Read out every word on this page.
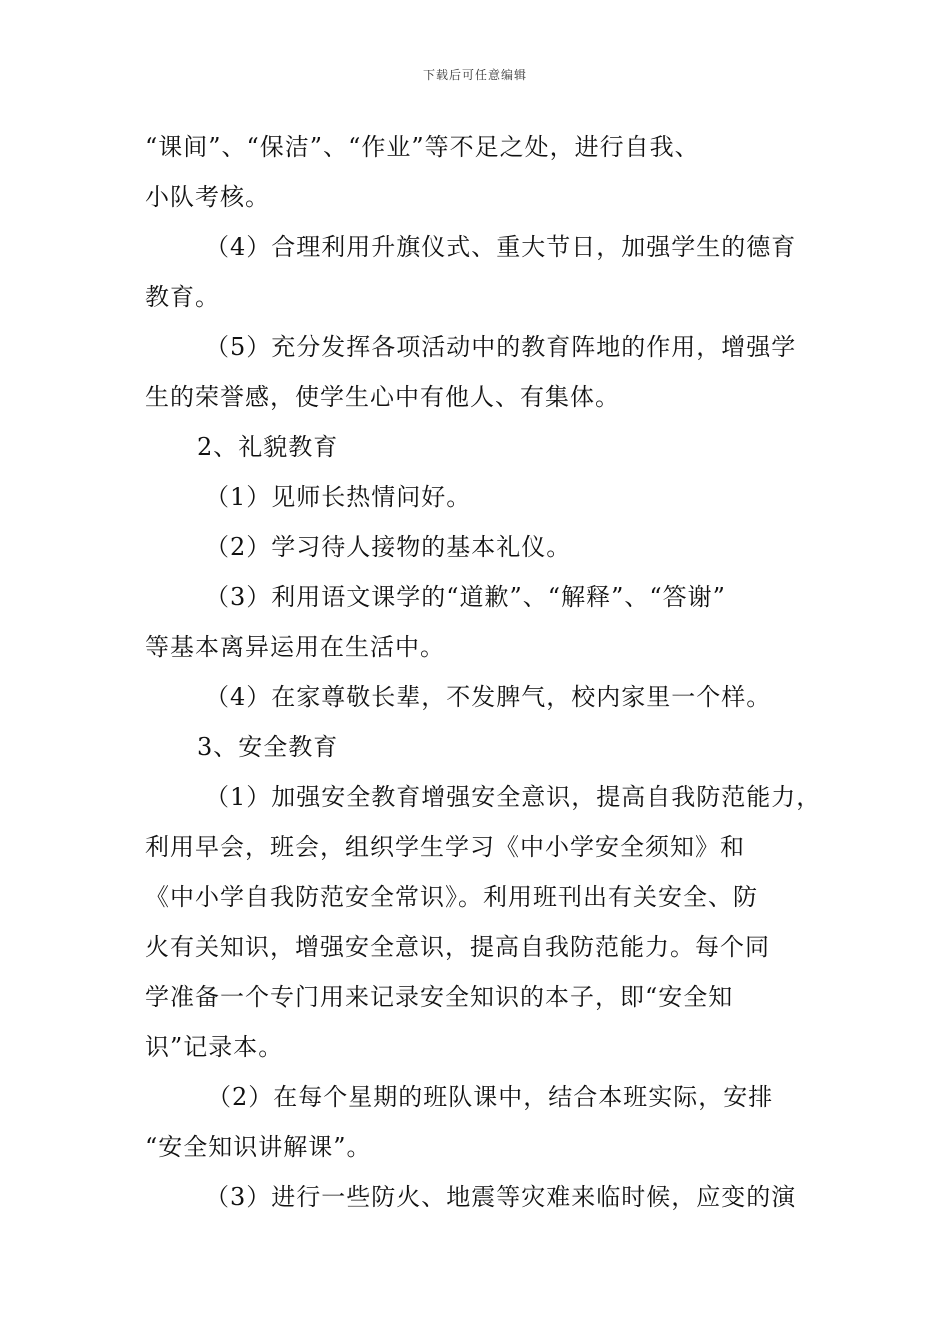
下载后可任意编辑
“课间”、“保洁”、“作业”等不足之处，进行自我、
小队考核。
（4）合理利用升旗仪式、重大节日，加强学生的德育
教育。
（5）充分发挥各项活动中的教育阵地的作用，增强学
生的荣誉感，使学生心中有他人、有集体。
2、礼貌教育
（1）见师长热情问好。
（2）学习待人接物的基本礼仪。
（3）利用语文课学的“道歉”、“解释”、“答谢”
等基本离异运用在生活中。
（4）在家尊敬长辈，不发脾气，校内家里一个样。
3、安全教育
（1）加强安全教育增强安全意识，提高自我防范能力，
利用早会，班会，组织学生学习《中小学安全须知》和
《中小学自我防范安全常识》。利用班刊出有关安全、防
火有关知识，增强安全意识，提高自我防范能力。每个同
学准备一个专门用来记录安全知识的本子，即“安全知
识”记录本。
（2）在每个星期的班队课中，结合本班实际，安排
“安全知识讲解课”。
（3）进行一些防火、地震等灾难来临时候，应变的演
